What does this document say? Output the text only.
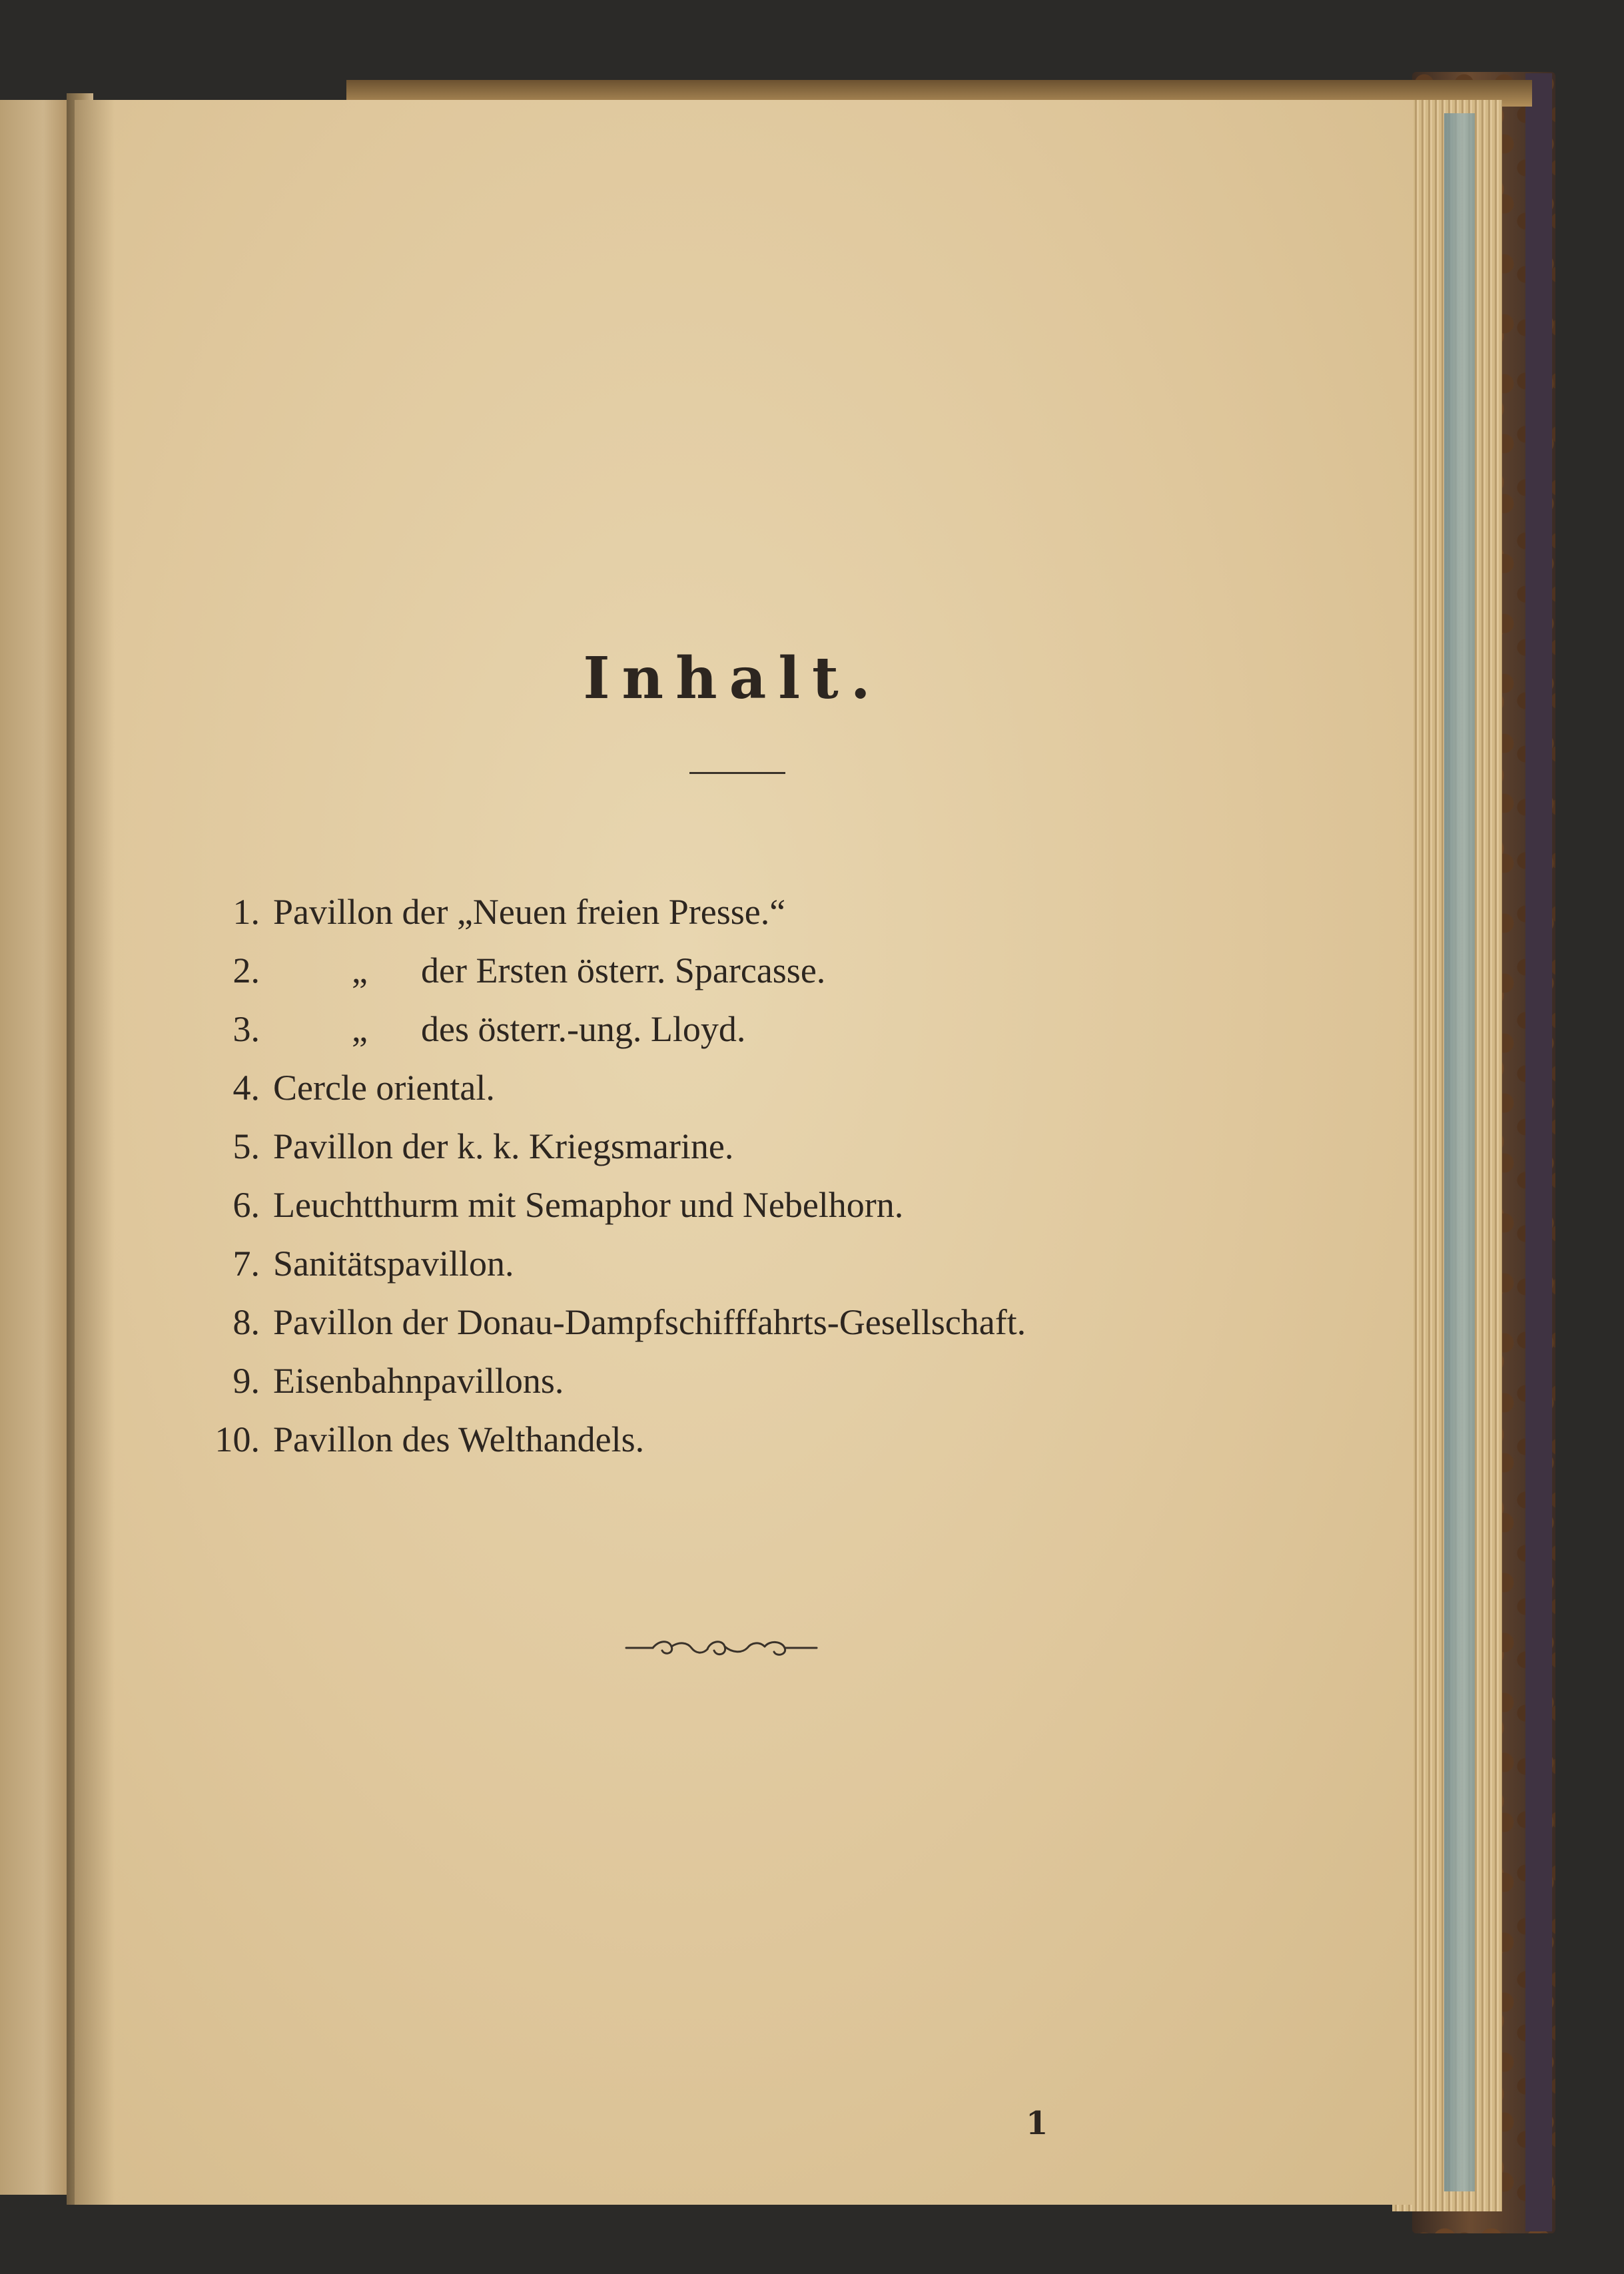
Inhalt.
1. Pavillon der „Neuen freien Presse.“
2.	„	der Ersten österr. Sparcasse.
3.	„	des österr.-ung. Lloyd.
4. Cercle oriental.
5. Pavillon der k. k. Kriegsmarine.
6. Leuchtthurm mit Semaphor und Nebelhorn.
7. Sanitätspavillon.
8. Pavillon der Donau-Dampfschifffahrts-Gesellschaft.
9. Eisenbahnpavillons.
10. Pavillon des Welthandels.
1
